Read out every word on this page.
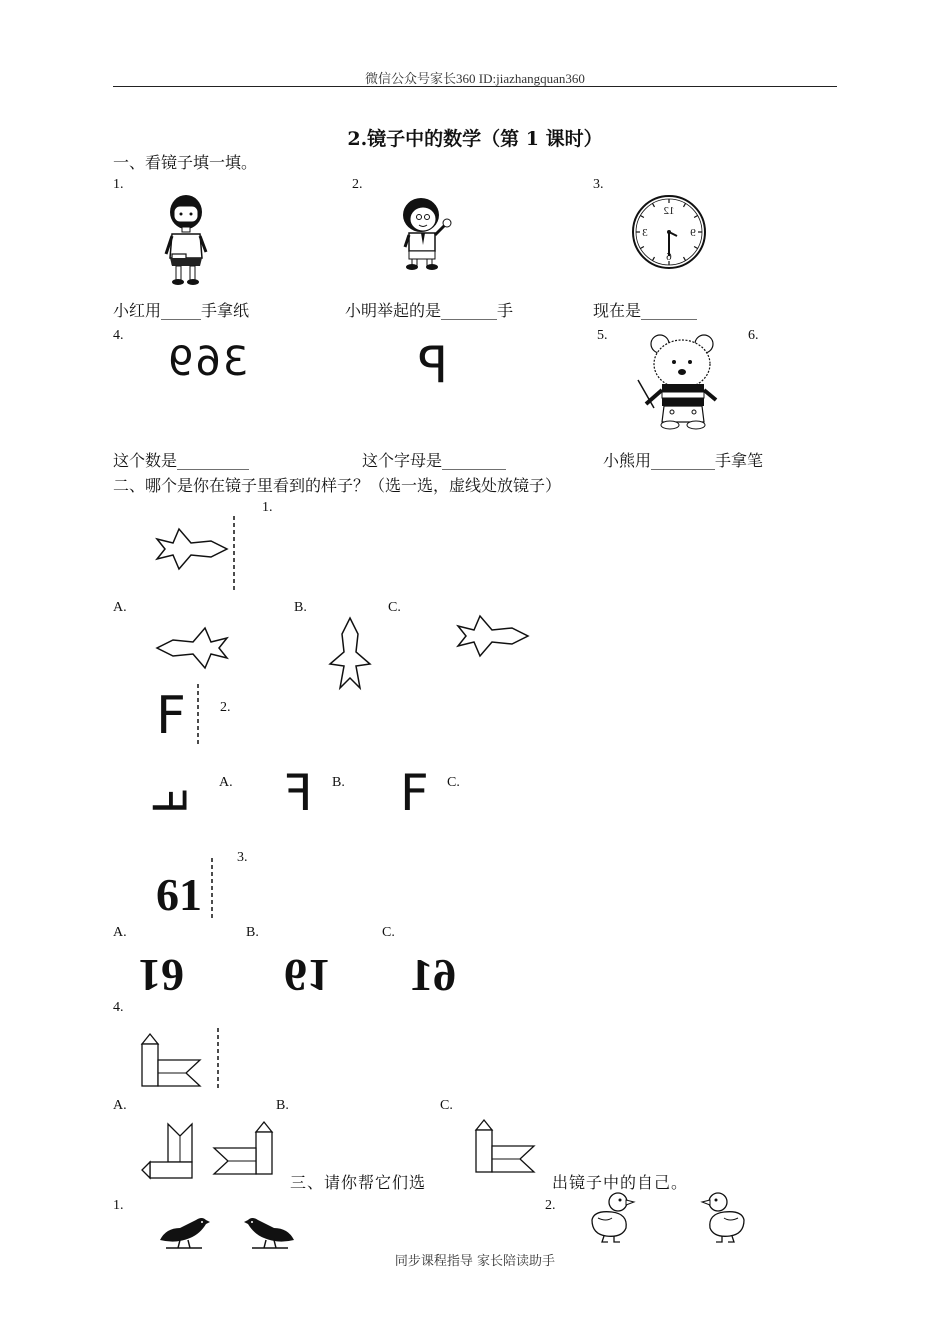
微信公众号家长360 ID:jiazhangquan360
2.镜子中的数学（第 1 课时）
一、看镜子填一填。
1.	2.	3.
12
3
6
9
小红用_____手拿纸	小明举起的是_______手	现在是_______
4.	5.	6.
369	P
这个数是_________	这个字母是________	小熊用________手拿笔
二、哪个是你在镜子里看到的样子？（选一选，虚线处放镜子）
1.
A.	B.	C.
F 2.
F
A. F B. F C.
3.
61
A.	B.	C.
61 61 61
4.
A.	B.	C.
三、请你帮它们选	出镜子中的自己。
1.	2.
同步课程指导 家长陪读助手
